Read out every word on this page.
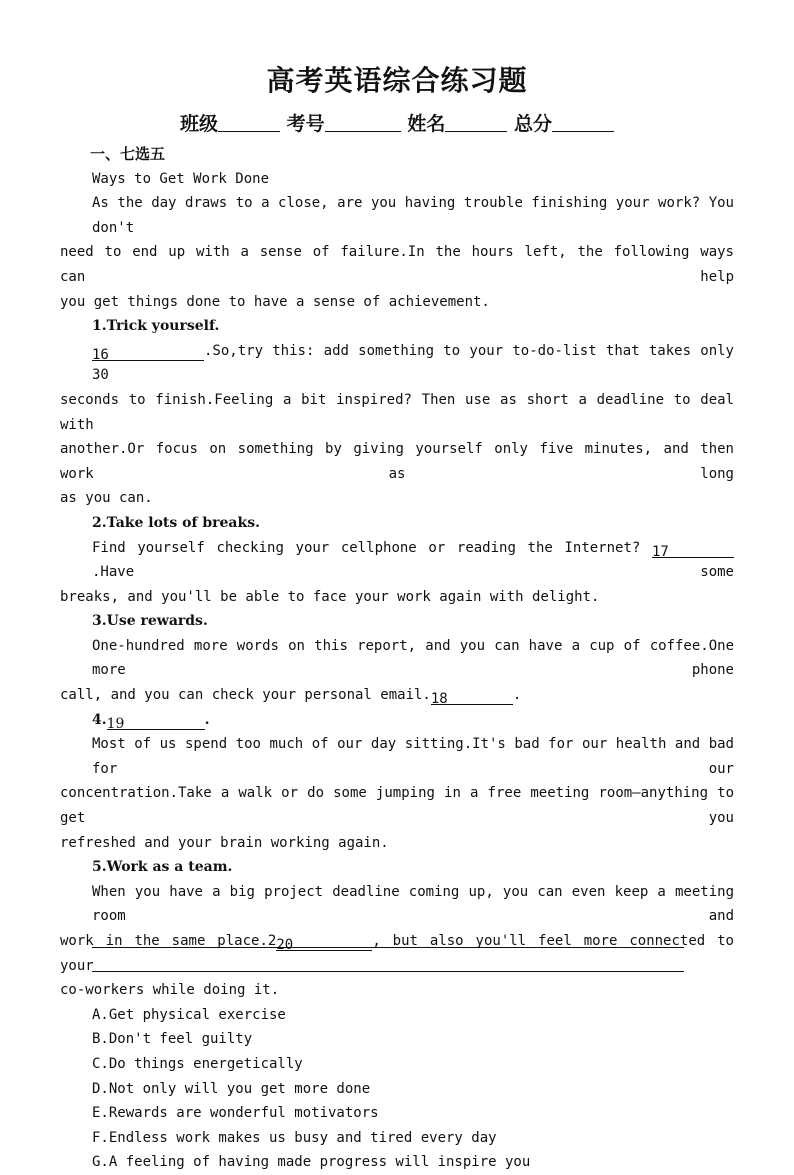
高考英语综合练习题
班级	考号	姓名	总分

一、七选五

Ways to Get Work Done

As the day draws to a close, are you having trouble finishing your work? You don't

need to end up with a sense of failure.In the hours left, the following ways can help

you get things done to have a sense of achievement.

1.Trick yourself.

16	.So,try this: add something to your to-do-list that takes only 30

seconds to finish.Feeling a bit inspired? Then use as short a deadline to deal with

another.Or focus on something by giving yourself only five minutes, and then work as long

as you can.

2.Take lots of breaks.

Find yourself checking your cellphone or reading the Internet? 17.Have some

breaks, and you'll be able to face your work again with delight.

3.Use rewards.

One-hundred more words on this report, and you can have a cup of coffee.One more phone

call, and you can check your personal email.18	.

4.19	.

Most of us spend too much of our day sitting.It's bad for our health and bad for our

concentration.Take a walk or do some jumping in a free meeting room—anything to get you

refreshed and your brain working again.

5.Work as a team.

When you have a big project deadline coming up, you can even keep a meeting room and

work in the same place.220	, but also you'll feel more connected to your

co-workers while doing it.

A.Get physical exercise

B.Don't feel guilty

C.Do things energetically

D.Not only will you get more done

E.Rewards are wonderful motivators

F.Endless work makes us busy and tired every day

G.A feeling of having made progress will inspire you
